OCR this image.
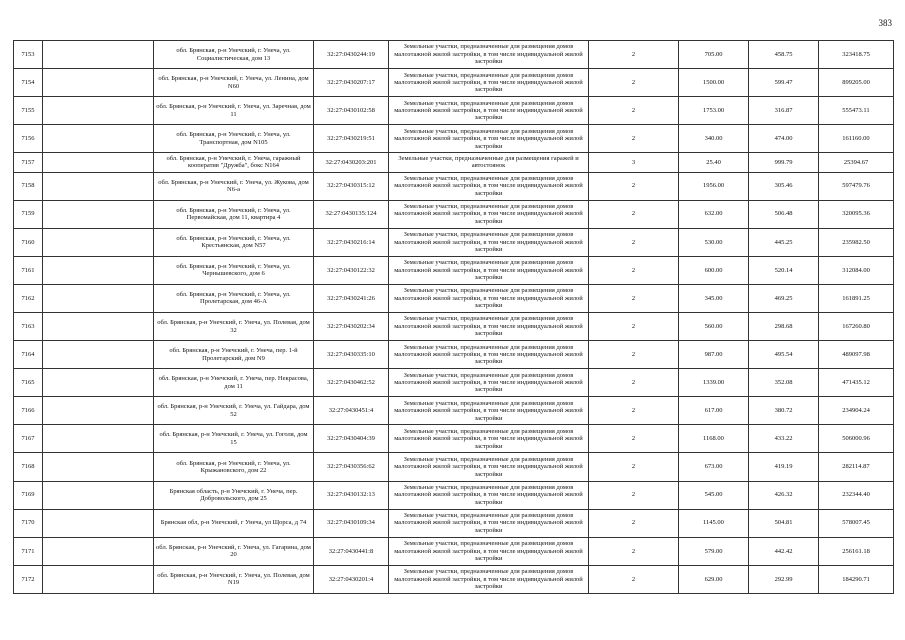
383
7153		обл. Брянская, р-н Унечский, г. Унеча, ул. Социалистическая, дом 13	32:27:0430244:19	Земельные участки, предназначенные для размещения домов малоэтажной жилой застройки, в том числе индивидуальной жилой застройки	2	705.00	458.75	323418.75
7154		обл. Брянская, р-н Унечский, г. Унеча, ул. Ленина, дом N60	32:27:0430207:17	Земельные участки, предназначенные для размещения домов малоэтажной жилой застройки, в том числе индивидуальной жилой застройки	2	1500.00	599.47	899205.00
7155		обл. Брянская, р-н Унечский, г. Унеча, ул. Заречная, дом 11	32:27:0430102:58	Земельные участки, предназначенные для размещения домов малоэтажной жилой застройки, в том числе индивидуальной жилой застройки	2	1753.00	316.87	555473.11
7156		обл. Брянская, р-н Унечский, г. Унеча, ул. Транспортная, дом N105	32:27:0430219:51	Земельные участки, предназначенные для размещения домов малоэтажной жилой застройки, в том числе индивидуальной жилой застройки	2	340.00	474.00	161160.00
7157		обл. Брянская, р-н Унечский, г. Унеча, гаражный кооператив "Дружба", бокс N164	32:27:0430203:201	Земельные участки, предназначенные для размещения гаражей и автостоянок	3	25.40	999.79	25394.67
7158		обл. Брянская, р-н Унечский, г. Унеча, ул. Жукова, дом N6-а	32:27:0430315:12	Земельные участки, предназначенные для размещения домов малоэтажной жилой застройки, в том числе индивидуальной жилой застройки	2	1956.00	305.46	597479.76
7159		обл. Брянская, р-н Унечский, г. Унеча, ул. Первомайская, дом 11, квартира 4	32:27:0430135:124	Земельные участки, предназначенные для размещения домов малоэтажной жилой застройки, в том числе индивидуальной жилой застройки	2	632.00	506.48	320095.36
7160		обл. Брянская, р-н Унечский, г. Унеча, ул. Крестьянская, дом N57	32:27:0430216:14	Земельные участки, предназначенные для размещения домов малоэтажной жилой застройки, в том числе индивидуальной жилой застройки	2	530.00	445.25	235982.50
7161		обл. Брянская, р-н Унечский, г. Унеча, ул. Чернышевского, дом 6	32:27:0430122:32	Земельные участки, предназначенные для размещения домов малоэтажной жилой застройки, в том числе индивидуальной жилой застройки	2	600.00	520.14	312084.00
7162		обл. Брянская, р-н Унечский, г. Унеча, ул. Пролетарская, дом 46-А	32:27:0430241:26	Земельные участки, предназначенные для размещения домов малоэтажной жилой застройки, в том числе индивидуальной жилой застройки	2	345.00	469.25	161891.25
7163		обл. Брянская, р-н Унечский, г. Унеча, ул. Полевая, дом 32	32:27:0430202:34	Земельные участки, предназначенные для размещения домов малоэтажной жилой застройки, в том числе индивидуальной жилой застройки	2	560.00	298.68	167260.80
7164		обл. Брянская, р-н Унечский, г. Унеча, пер. 1-й Пролетарский, дом N9	32:27:0430335:10	Земельные участки, предназначенные для размещения домов малоэтажной жилой застройки, в том числе индивидуальной жилой застройки	2	987.00	495.54	489097.98
7165		обл. Брянская, р-н Унечский, г. Унеча, пер. Некрасова, дом 11	32:27:0430462:52	Земельные участки, предназначенные для размещения домов малоэтажной жилой застройки, в том числе индивидуальной жилой застройки	2	1339.00	352.08	471435.12
7166		обл. Брянская, р-н Унечский, г. Унеча, ул. Гайдара, дом 52	32:27:0430451:4	Земельные участки, предназначенные для размещения домов малоэтажной жилой застройки, в том числе индивидуальной жилой застройки	2	617.00	380.72	234904.24
7167		обл. Брянская, р-н Унечский, г. Унеча, ул. Гоголя, дом 15	32:27:0430404:39	Земельные участки, предназначенные для размещения домов малоэтажной жилой застройки, в том числе индивидуальной жилой застройки	2	1168.00	433.22	506000.96
7168		обл. Брянская, р-н Унечский, г. Унеча, ул. Крыжановского, дом 22	32:27:0430356:62	Земельные участки, предназначенные для размещения домов малоэтажной жилой застройки, в том числе индивидуальной жилой застройки	2	673.00	419.19	282114.87
7169		Брянская область, р-н Унечский, г. Унеча, пер. Добровольского, дом 25	32:27:0430132:13	Земельные участки, предназначенные для размещения домов малоэтажной жилой застройки, в том числе индивидуальной жилой застройки	2	545.00	426.32	232344.40
7170		Брянская обл, р-н Унечский, г Унеча, ул Щорса, д 74	32:27:0430109:34	Земельные участки, предназначенные для размещения домов малоэтажной жилой застройки, в том числе индивидуальной жилой застройки	2	1145.00	504.81	578007.45
7171		обл. Брянская, р-н Унечский, г. Унеча, ул. Гагарина, дом 20	32:27:0430441:8	Земельные участки, предназначенные для размещения домов малоэтажной жилой застройки, в том числе индивидуальной жилой застройки	2	579.00	442.42	256161.18
7172		обл. Брянская, р-н Унечский, г. Унеча, ул. Полевая, дом N19	32:27:0430201:4	Земельные участки, предназначенные для размещения домов малоэтажной жилой застройки, в том числе индивидуальной жилой застройки	2	629.00	292.99	184290.71
